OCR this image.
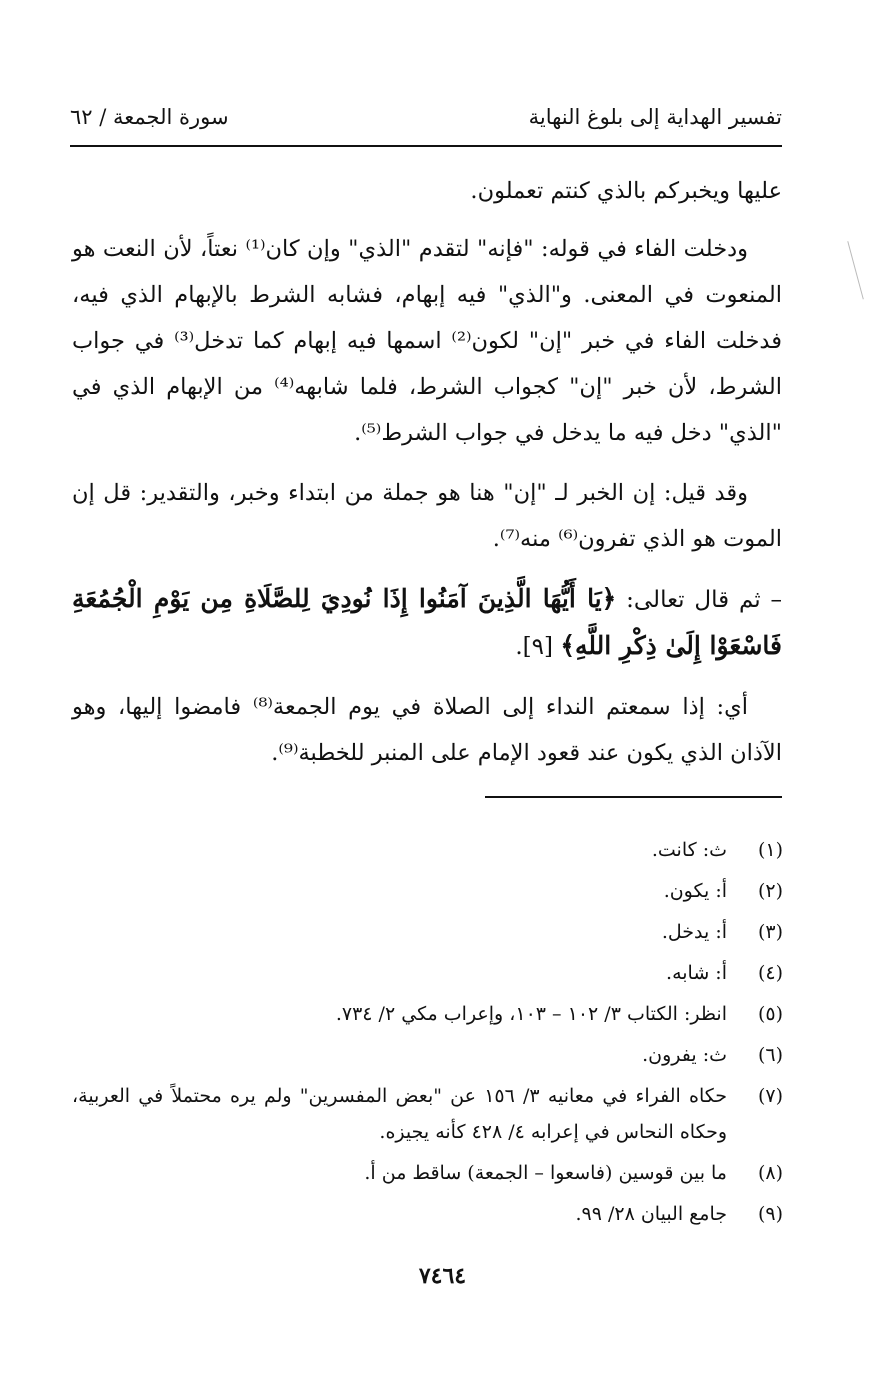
تفسير الهداية إلى بلوغ النهاية
سورة الجمعة / ٦٢

عليها ويخبركم بالذي كنتم تعملون.

ودخلت الفاء في قوله: "فإنه" لتقدم "الذي" وإن كان⁽¹⁾ نعتاً، لأن النعت هو المنعوت في المعنى. و"الذي" فيه إبهام، فشابه الشرط بالإبهام الذي فيه، فدخلت الفاء في خبر "إن" لكون⁽²⁾ اسمها فيه إبهام كما تدخل⁽³⁾ في جواب الشرط، لأن خبر "إن" كجواب الشرط، فلما شابهه⁽⁴⁾ من الإبهام الذي في "الذي" دخل فيه ما يدخل في جواب الشرط⁽⁵⁾.

وقد قيل: إن الخبر لـ "إن" هنا هو جملة من ابتداء وخبر، والتقدير: قل إن الموت هو الذي تفرون⁽⁶⁾ منه⁽⁷⁾.

– ثم قال تعالى: ﴿يَا أَيُّهَا الَّذِينَ آمَنُوا إِذَا نُودِيَ لِلصَّلَاةِ مِن يَوْمِ الْجُمُعَةِ فَاسْعَوْا إِلَىٰ ذِكْرِ اللَّهِ﴾ [٩].

أي: إذا سمعتم النداء إلى الصلاة في يوم الجمعة⁽⁸⁾ فامضوا إليها، وهو الآذان الذي يكون عند قعود الإمام على المنبر للخطبة⁽⁹⁾.

(١)
ث: كانت.
(٢)
أ: يكون.
(٣)
أ: يدخل.
(٤)
أ: شابه.
(٥)
انظر: الكتاب ٣/ ١٠٢ – ١٠٣، وإعراب مكي ٢/ ٧٣٤.
(٦)
ث: يفرون.
(٧)
حكاه الفراء في معانيه ٣/ ١٥٦ عن "بعض المفسرين" ولم يره محتملاً في العربية، وحكاه النحاس في إعرابه ٤/ ٤٢٨ كأنه يجيزه.
(٨)
ما بين قوسين (فاسعوا – الجمعة) ساقط من أ.
(٩)
جامع البيان ٢٨/ ٩٩.
٧٤٦٤
